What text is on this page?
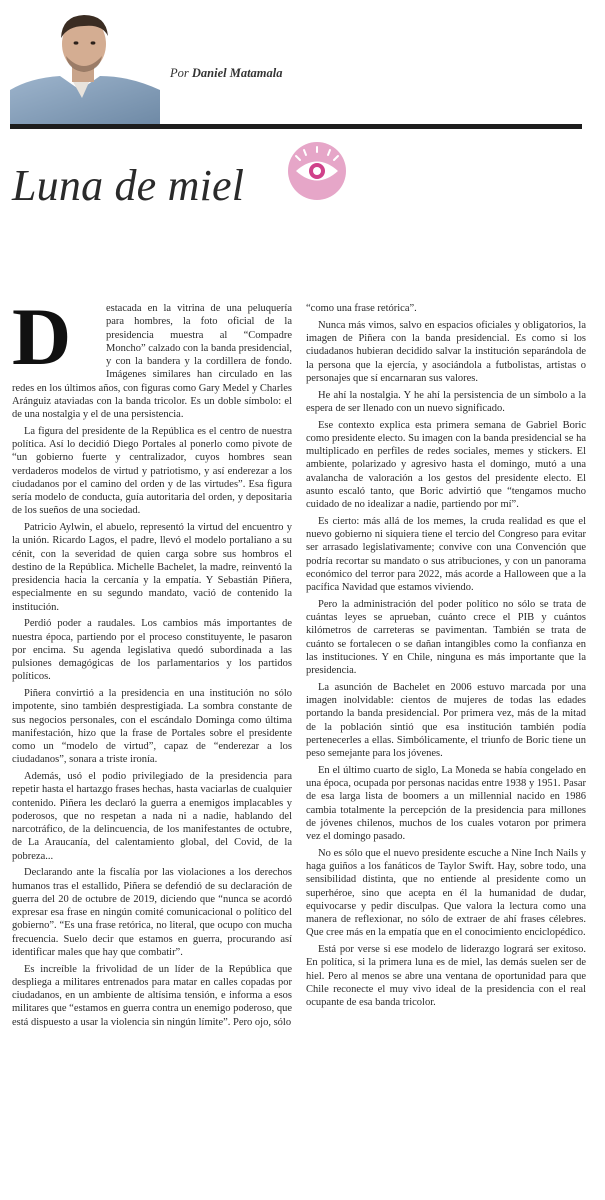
Por Daniel Matamala
Luna de miel

D	estacada en la vitrina de una peluquería para hombres, la foto oficial de la presidencia muestra al “Compadre Moncho” calzado con la banda presidencial, y con la bandera y la cordillera de fondo. Imágenes similares han circulado en las redes en los últimos años, con figuras como Gary Medel y Charles Aránguiz ataviadas con la banda tricolor. Es un doble símbolo: el de una nostalgia y el de una persistencia.

La figura del presidente de la República es el centro de nuestra política. Así lo decidió Diego Portales al ponerlo como pivote de “un gobierno fuerte y centralizador, cuyos hombres sean verdaderos modelos de virtud y patriotismo, y así enderezar a los ciudadanos por el camino del orden y de las virtudes”. Esa figura sería modelo de conducta, guía autoritaria del orden, y depositaria de los sueños de una sociedad.

Patricio Aylwin, el abuelo, representó la virtud del encuentro y la unión. Ricardo Lagos, el padre, llevó el modelo portaliano a su cénit, con la severidad de quien carga sobre sus hombros el destino de la República. Michelle Bachelet, la madre, reinventó la presidencia hacia la cercanía y la empatía. Y Sebastián Piñera, especialmente en su segundo mandato, vació de contenido la institución.

Perdió poder a raudales. Los cambios más importantes de nuestra época, partiendo por el proceso constituyente, le pasaron por encima. Su agenda legislativa quedó subordinada a las pulsiones demagógicas de los parlamentarios y los partidos políticos.

Piñera convirtió a la presidencia en una institución no sólo impotente, sino también desprestigiada. La sombra constante de sus negocios personales, con el escándalo Dominga como última manifestación, hizo que la frase de Portales sobre el presidente como un “modelo de virtud”, capaz de “enderezar a los ciudadanos”, sonara a triste ironía.

Además, usó el podio privilegiado de la presidencia para repetir hasta el hartazgo frases hechas, hasta vaciarlas de cualquier contenido. Piñera les declaró la guerra a enemigos implacables y poderosos, que no respetan a nada ni a nadie, hablando del narcotráfico, de la delincuencia, de los manifestantes de octubre, de La Araucanía, del calentamiento global, del Covid, de la pobreza...

Declarando ante la fiscalía por las violaciones a los derechos humanos tras el estallido, Piñera se defendió de su declaración de guerra del 20 de octubre de 2019, diciendo que “nunca se acordó expresar esa frase en ningún comité comunicacional o político del gobierno”. “Es una frase retórica, no literal, que ocupo con mucha frecuencia. Suelo decir que estamos en guerra, procurando así identificar males que hay que combatir”.

Es increíble la frivolidad de un líder de la República que despliega a militares entrenados para matar en calles copadas por ciudadanos, en un ambiente de altísima tensión, e informa a esos militares que “estamos en guerra contra un enemigo poderoso, que está dispuesto a usar la violencia sin ningún límite”. Pero ojo, sólo

“como una frase retórica”.

Nunca más vimos, salvo en espacios oficiales y obligatorios, la imagen de Piñera con la banda presidencial. Es como si los ciudadanos hubieran decidido salvar la institución separándola de la persona que la ejercía, y asociándola a futbolistas, artistas o personajes que sí encarnaran sus valores.

He ahí la nostalgia. Y he ahí la persistencia de un símbolo a la espera de ser llenado con un nuevo significado.

Ese contexto explica esta primera semana de Gabriel Boric como presidente electo. Su imagen con la banda presidencial se ha multiplicado en perfiles de redes sociales, memes y stickers. El ambiente, polarizado y agresivo hasta el domingo, mutó a una avalancha de valoración a los gestos del presidente electo. El asunto escaló tanto, que Boric advirtió que “tengamos mucho cuidado de no idealizar a nadie, partiendo por mí”.

Es cierto: más allá de los memes, la cruda realidad es que el nuevo gobierno ni siquiera tiene el tercio del Congreso para evitar ser arrasado legislativamente; convive con una Convención que podría recortar su mandato o sus atribuciones, y con un panorama económico del terror para 2022, más acorde a Halloween que a la pacífica Navidad que estamos viviendo.

Pero la administración del poder político no sólo se trata de cuántas leyes se aprueban, cuánto crece el PIB y cuántos kilómetros de carreteras se pavimentan. También se trata de cuánto se fortalecen o se dañan intangibles como la confianza en las instituciones. Y en Chile, ninguna es más importante que la presidencia.

La asunción de Bachelet en 2006 estuvo marcada por una imagen inolvidable: cientos de mujeres de todas las edades portando la banda presidencial. Por primera vez, más de la mitad de la población sintió que esa institución también podía pertenecerles a ellas. Simbólicamente, el triunfo de Boric tiene un peso semejante para los jóvenes.

En el último cuarto de siglo, La Moneda se había congelado en una época, ocupada por personas nacidas entre 1938 y 1951. Pasar de esa larga lista de boomers a un millennial nacido en 1986 cambia totalmente la percepción de la presidencia para millones de jóvenes chilenos, muchos de los cuales votaron por primera vez el domingo pasado.

No es sólo que el nuevo presidente escuche a Nine Inch Nails y haga guiños a los fanáticos de Taylor Swift. Hay, sobre todo, una sensibilidad distinta, que no entiende al presidente como un superhéroe, sino que acepta en él la humanidad de dudar, equivocarse y pedir disculpas. Que valora la lectura como una manera de reflexionar, no sólo de extraer de ahí frases célebres. Que cree más en la empatía que en el conocimiento enciclopédico.

Está por verse si ese modelo de liderazgo logrará ser exitoso. En política, si la primera luna es de miel, las demás suelen ser de hiel. Pero al menos se abre una ventana de oportunidad para que Chile reconecte el muy vivo ideal de la presidencia con el real ocupante de esa banda tricolor.
